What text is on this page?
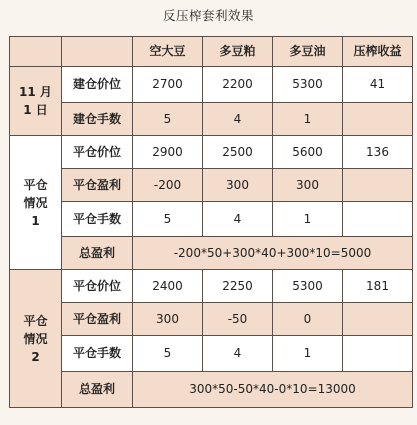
反压榨套利效果
		空大豆	多豆粕	多豆油	压榨收益

11 月
1 日	建仓价位	2700	2200	5300	41
	建仓手数	5	4	1	

平仓
情况
1	平仓价位	2900	2500	5600	136
	平仓盈利	-200	300	300	
	平仓手数	5	4	1	
	总盈利	-200*50+300*40+300*10=5000			

平仓
情况
2	平仓价位	2400	2250	5300	181
	平仓盈利	300	-50	0	
	平仓手数	5	4	1	
	总盈利	300*50-50*40-0*10=13000			
